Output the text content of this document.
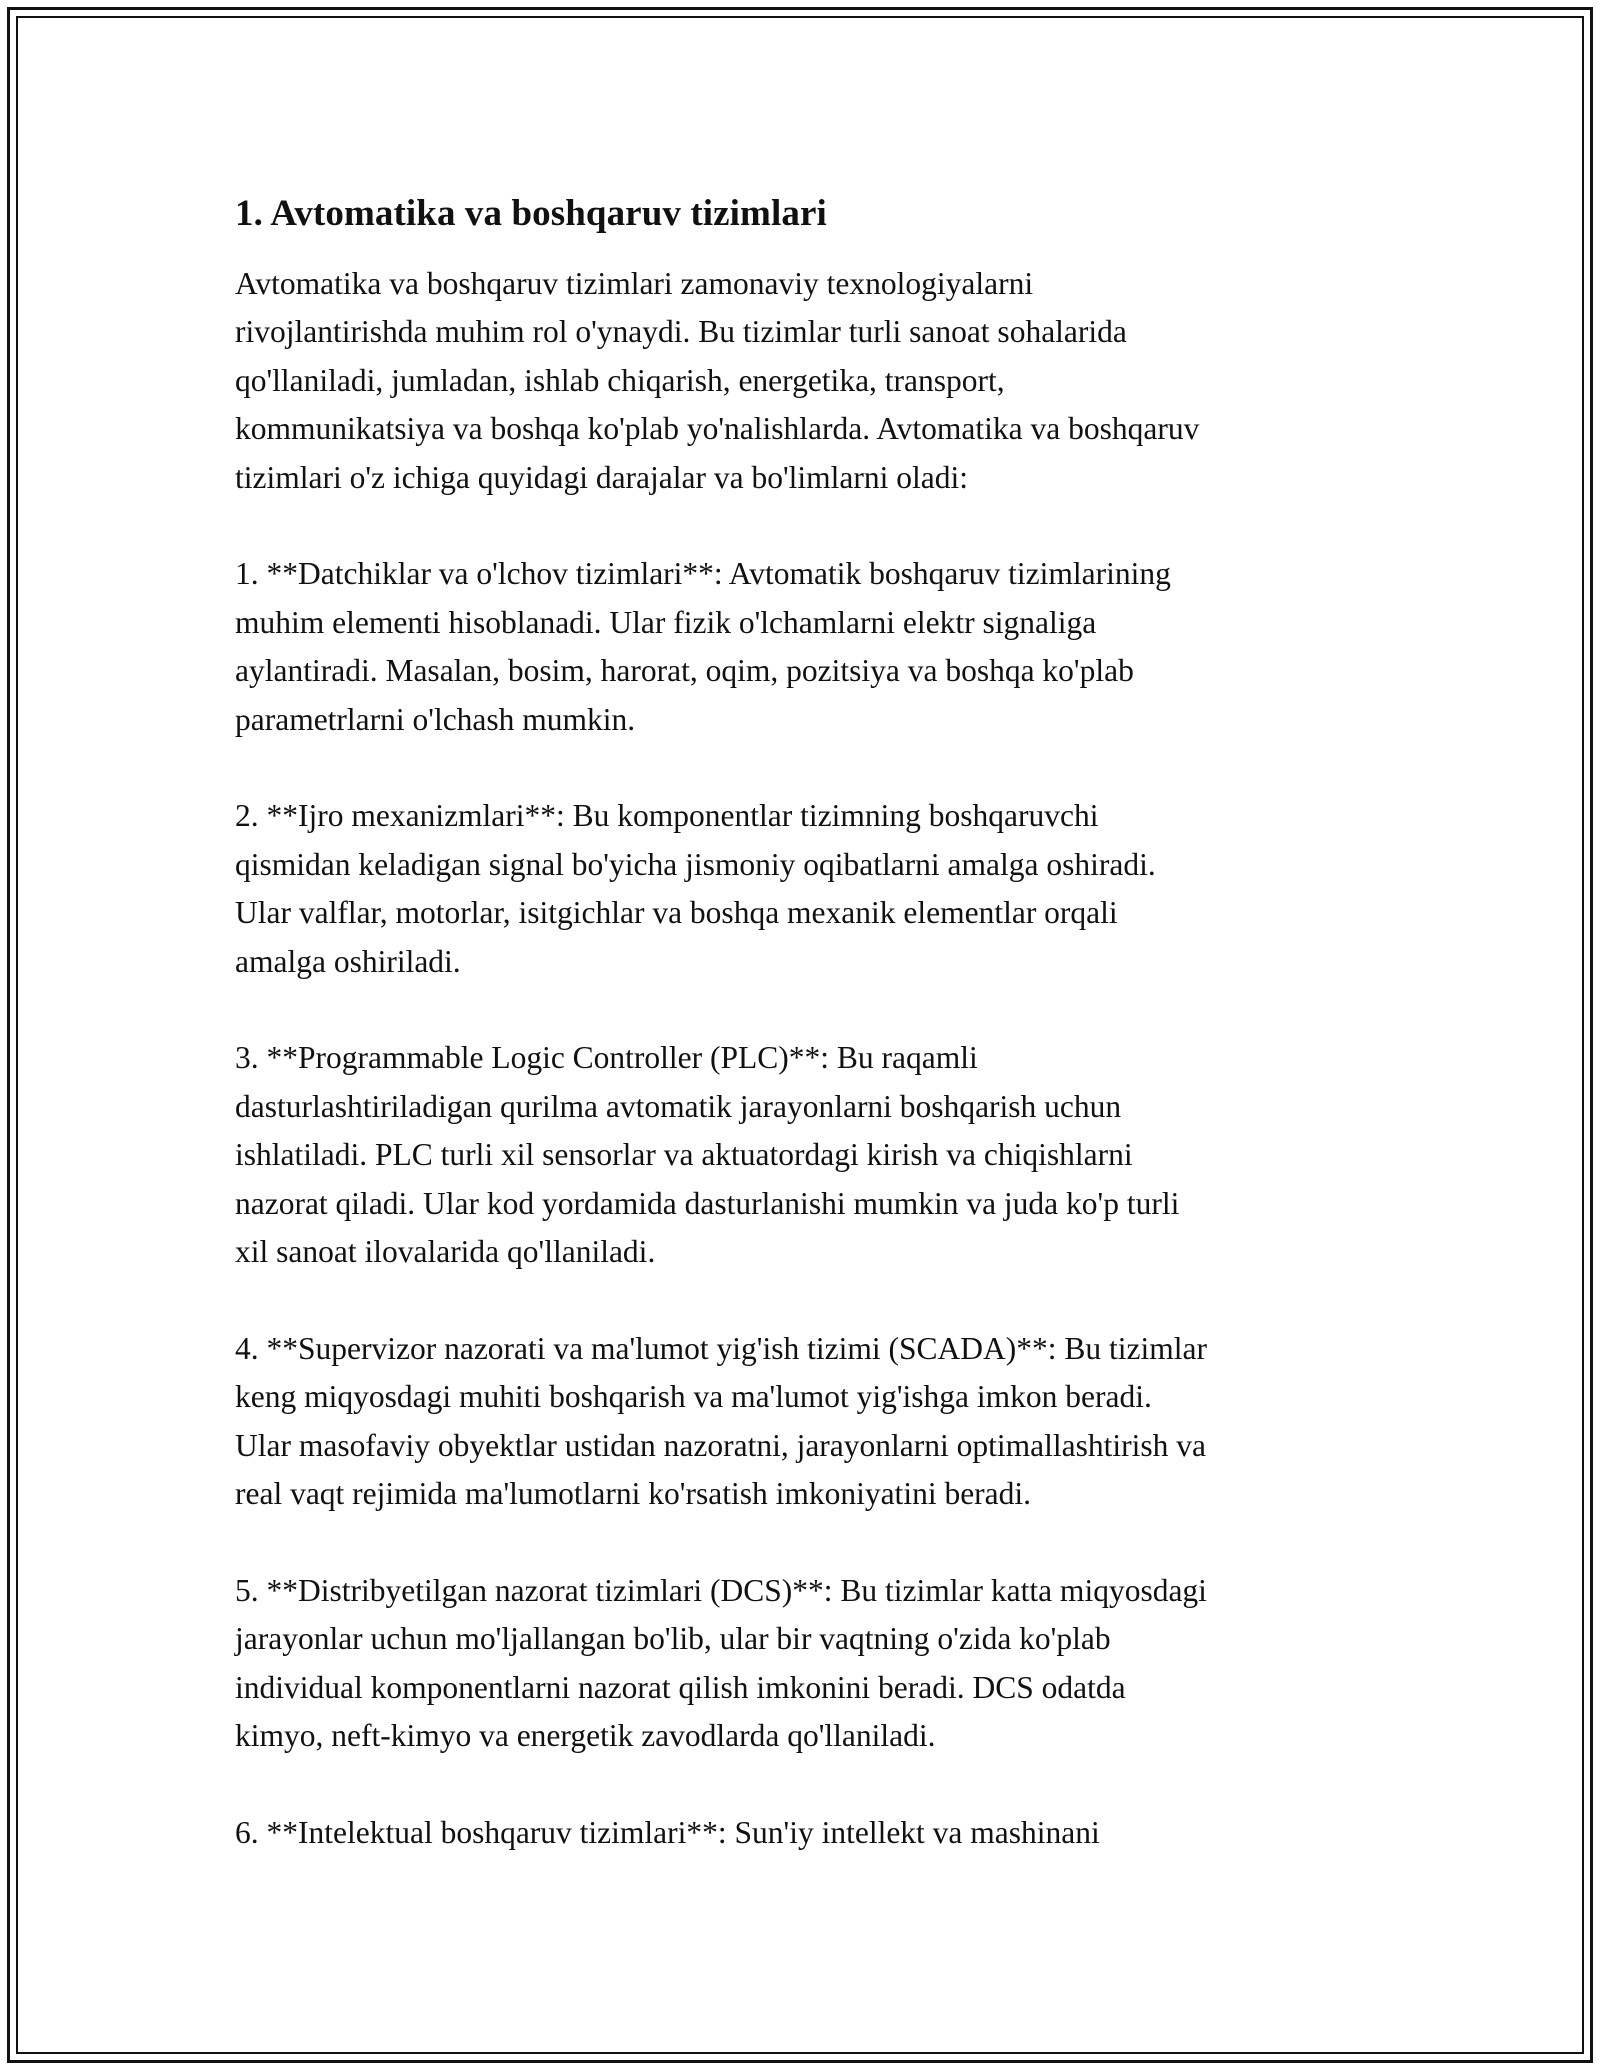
1. Avtomatika va boshqaruv tizimlari

Avtomatika va boshqaruv tizimlari zamonaviy texnologiyalarni
rivojlantirishda muhim rol o'ynaydi. Bu tizimlar turli sanoat sohalarida
qo'llaniladi, jumladan, ishlab chiqarish, energetika, transport,
kommunikatsiya va boshqa ko'plab yo'nalishlarda. Avtomatika va boshqaruv
tizimlari o'z ichiga quyidagi darajalar va bo'limlarni oladi:

1. **Datchiklar va o'lchov tizimlari**: Avtomatik boshqaruv tizimlarining
muhim elementi hisoblanadi. Ular fizik o'lchamlarni elektr signaliga
aylantiradi. Masalan, bosim, harorat, oqim, pozitsiya va boshqa ko'plab
parametrlarni o'lchash mumkin.

2. **Ijro mexanizmlari**: Bu komponentlar tizimning boshqaruvchi
qismidan keladigan signal bo'yicha jismoniy oqibatlarni amalga oshiradi.
Ular valflar, motorlar, isitgichlar va boshqa mexanik elementlar orqali
amalga oshiriladi.

3. **Programmable Logic Controller (PLC)**: Bu raqamli
dasturlashtiriladigan qurilma avtomatik jarayonlarni boshqarish uchun
ishlatiladi. PLC turli xil sensorlar va aktuatordagi kirish va chiqishlarni
nazorat qiladi. Ular kod yordamida dasturlanishi mumkin va juda ko'p turli
xil sanoat ilovalarida qo'llaniladi.

4. **Supervizor nazorati va ma'lumot yig'ish tizimi (SCADA)**: Bu tizimlar
keng miqyosdagi muhiti boshqarish va ma'lumot yig'ishga imkon beradi.
Ular masofaviy obyektlar ustidan nazoratni, jarayonlarni optimallashtirish va
real vaqt rejimida ma'lumotlarni ko'rsatish imkoniyatini beradi.

5. **Distribyetilgan nazorat tizimlari (DCS)**: Bu tizimlar katta miqyosdagi
jarayonlar uchun mo'ljallangan bo'lib, ular bir vaqtning o'zida ko'plab
individual komponentlarni nazorat qilish imkonini beradi. DCS odatda
kimyo, neft-kimyo va energetik zavodlarda qo'llaniladi.

6. **Intelektual boshqaruv tizimlari**: Sun'iy intellekt va mashinani
